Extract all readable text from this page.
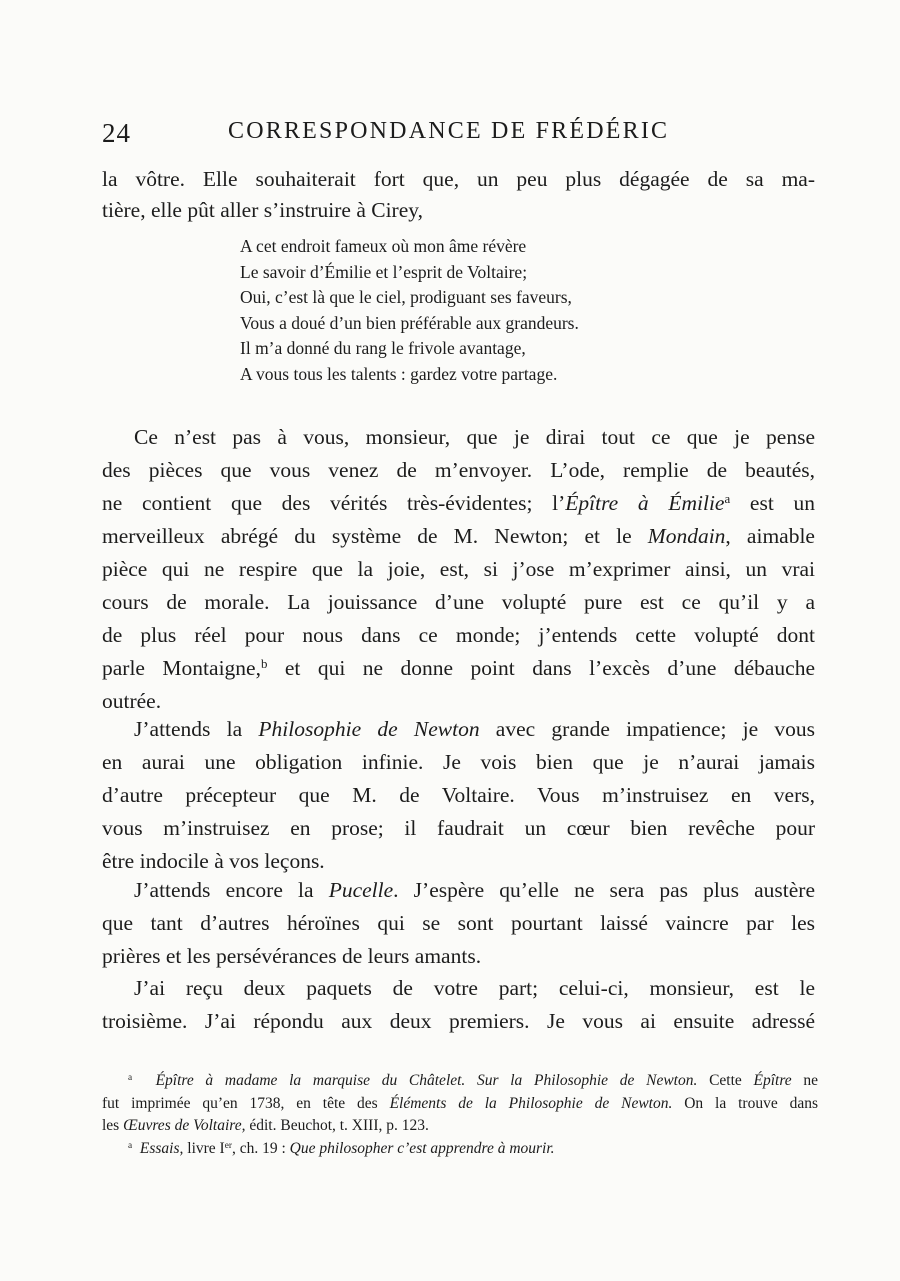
24	CORRESPONDANCE DE FRÉDÉRIC
la vôtre. Elle souhaiterait fort que, un peu plus dégagée de sa ma-
tière, elle pût aller s’instruire à Cirey,
A cet endroit fameux où mon âme révère
Le savoir d’Émilie et l’esprit de Voltaire;
Oui, c’est là que le ciel, prodiguant ses faveurs,
Vous a doué d’un bien préférable aux grandeurs.
Il m’a donné du rang le frivole avantage,
A vous tous les talents : gardez votre partage.
Ce n’est pas à vous, monsieur, que je dirai tout ce que je pense
des pièces que vous venez de m’envoyer. L’ode, remplie de beautés,
ne contient que des vérités très-évidentes; l’Épître à Émilie$^a$ est un
merveilleux abrégé du système de M. Newton; et le Mondain, aimable
pièce qui ne respire que la joie, est, si j’ose m’exprimer ainsi, un vrai
cours de morale. La jouissance d’une volupté pure est ce qu’il y a
de plus réel pour nous dans ce monde; j’entends cette volupté dont
parle Montaigne,$^b$ et qui ne donne point dans l’excès d’une débauche
outrée.
J’attends la Philosophie de Newton avec grande impatience; je vous
en aurai une obligation infinie. Je vois bien que je n’aurai jamais
d’autre précepteur que M. de Voltaire. Vous m’instruisez en vers,
vous m’instruisez en prose; il faudrait un cœur bien revêche pour
être indocile à vos leçons.
J’attends encore la Pucelle. J’espère qu’elle ne sera pas plus austère
que tant d’autres héroïnes qui se sont pourtant laissé vaincre par les
prières et les persévérances de leurs amants.
J’ai reçu deux paquets de votre part; celui-ci, monsieur, est le
troisième. J’ai répondu aux deux premiers. Je vous ai ensuite adressé
$^a$ Épître à madame la marquise du Châtelet. Sur la Philosophie de Newton. Cette Épître ne
fut imprimée qu’en 1738, en tête des Éléments de la Philosophie de Newton. On la trouve dans
les Œuvres de Voltaire, édit. Beuchot, t. XIII, p. 123.
$^a$ Essais, livre Ier, ch. 19 : Que philosopher c’est apprendre à mourir.
